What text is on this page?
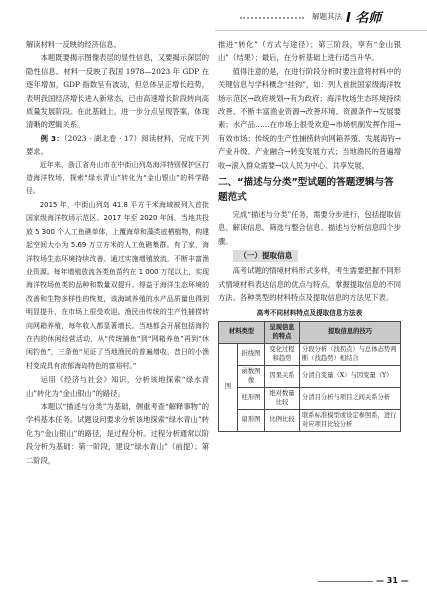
解题其法 I 名师

解读材料一反映的经济信息。

本题既要揭示图像表层的显性信息，又要揭示深层的隐性信息。材料一反映了我国 1978—2023 年 GDP 在逐年增加，GDP 指数呈有波动，但总体呈正增长趋势，表明我国经济增长进入新常态，已由高速增长阶段转向高质量发展阶段。在此基础上，进一步分点呈现答案，体现清晰的逻辑关系。

例 3：（2023 · 湖北卷 · 17）阅读材料，完成下列要求。

近年来，浙江省舟山市在中街山列岛海洋特别保护区打造海洋牧场，探索“绿水青山”转化为“金山银山”的科学路径。

2015 年，中街山列岛 41.8 平方千米海域被列入首批国家级海洋牧场示范区。2017 年至 2020 年间，当地共投放 5 300 个人工鱼礁单体，上覆海草和藻类底栖植物，构建起空间大小为 5.69 万立方米的人工鱼礁集群。有了家，海洋牧场生态环境持续改善。通过实施增殖放流，不断丰富渔业资源。每年增殖放流各类鱼苗约在 1 000 万尾以上，实现海洋牧场鱼类的品种和数量双提升。得益于海洋生态环境的改善和生物多样性的恢复，该海域养殖的水产品质量也得到明显提升，在市场上很受欢迎。渔民由传统的生产性捕捞转向网箱养殖，每年收入都显著增长。当地都会开展包括海钓在内的休闲经营活动，从“传统捕鱼”到“网箱养鱼”再到“休闲钓鱼”，三条鱼“见证了当地渔民的普遍增收，昔日的小渔村变成具有浓郁海岛特色的富裕村。”

运用《经济与社会》知识，分析该地探索“绿水青山”转化为“金山银山”的路径。

本题以“描述与分类”为基础，侧重考查“解释事物”的学科基本任务。试题设问要求分析该地探索“绿水青山”转化为“金山银山”的路径，是过程分析。过程分析通常以阶段分析为基础：第一阶段，建设“绿水青山”（前提）；第二阶段，

推进“转化”（方式与途径）；第三阶段，享有“金山银山”（结果）；最后，在分析基础上进行适当升华。

值得注意的是，在进行阶段分析时要注意将材料中的关键信息与学科概念“挂钩”，如：列人首批国家级海洋牧场示范区→政府规划→有为政府；海洋牧场生态环境持续改善、不断丰富渔业资源→改善环境、资源条件→发展要素；水产品……在市场上很受欢迎→市场机制发挥作用→有效市场；传统的生产性捕捞转向网箱养殖、发展海钓→产业升级、产业融合→转变发展方式；当地渔民的普遍增收→滚入群众需要→以人民为中心、共享发展。

二、“描述与分类”型试题的答题逻辑与答题范式

完成“描述与分类”任务，需要分步进行，包括提取信息、解读信息、筛选与整合信息、描述与分析信息四个步骤。

（一）提取信息

高考试题的情境材料形式多样，考生需要把握不同形式情境材料表达信息的优点与特点，掌握提取信息的不同方法。各种类型的材料特点及提取信息的方法见下表。

高考不同材料特点及提取信息方法表
材料类型		呈现信息的特点	提取信息的技巧
图	折线图	变化过程和趋势	分段分析（找拐点）与总体态势判断（找趋势）相结合
	函数图像	因果关系	分清自变量（X）与因变量（Y）
	柱形图	绝对数量比较	分清目分析与项目之间关系分析
	扇形图	比例比较	联系标准模型或设定参照系，进行对应项目比较分析
— 31 —
